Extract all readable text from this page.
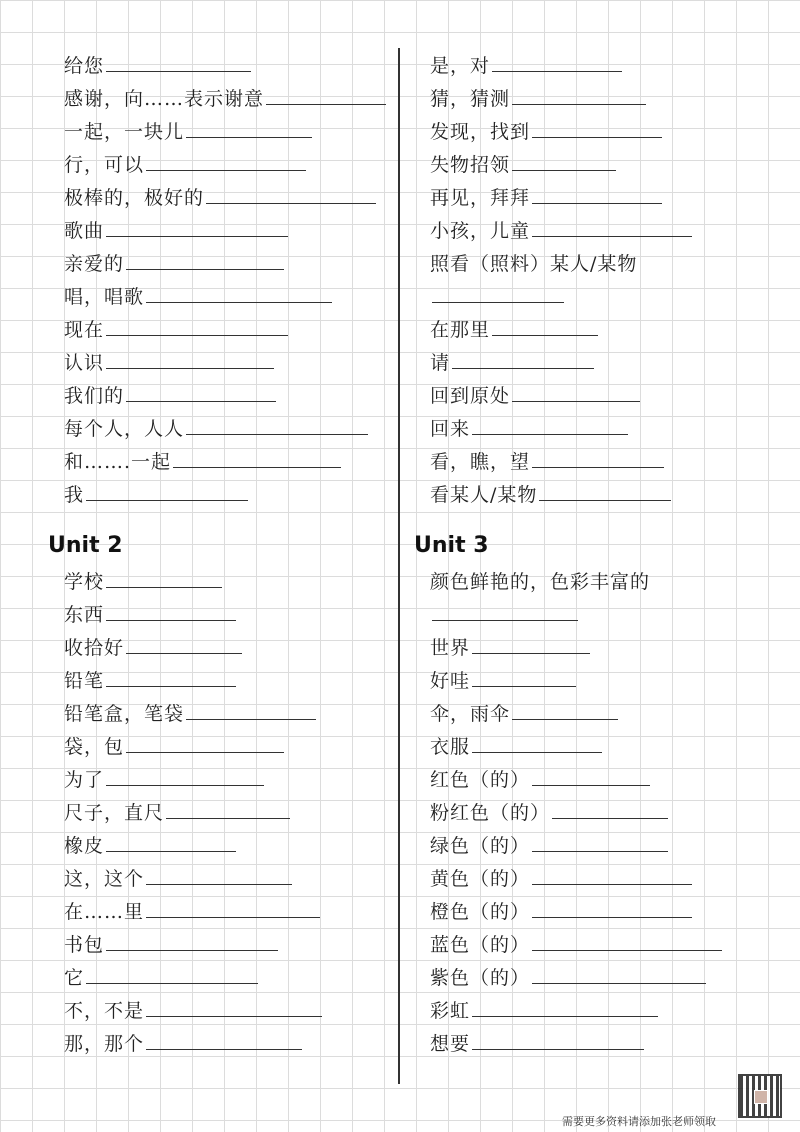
给您
感谢，向……表示谢意
一起，一块儿
行，可以
极棒的，极好的
歌曲
亲爱的
唱，唱歌
现在
认识
我们的
每个人，人人
和…….一起
我
学校
东西
收拾好
铅笔
铅笔盒，笔袋
袋，包
为了
尺子，直尺
橡皮
这，这个
在……里
书包
它
不，不是
那，那个
是，对
猜，猜测
发现，找到
失物招领
再见，拜拜
小孩，儿童
照看（照料）某人/某物
在那里
请
回到原处
回来
看，瞧，望
看某人/某物
颜色鲜艳的，色彩丰富的
世界
好哇
伞，雨伞
衣服
红色（的）
粉红色（的）
绿色（的）
黄色（的）
橙色（的）
蓝色（的）
紫色（的）
彩虹
想要
Unit 2	Unit 3
需要更多资料请添加张老师领取
